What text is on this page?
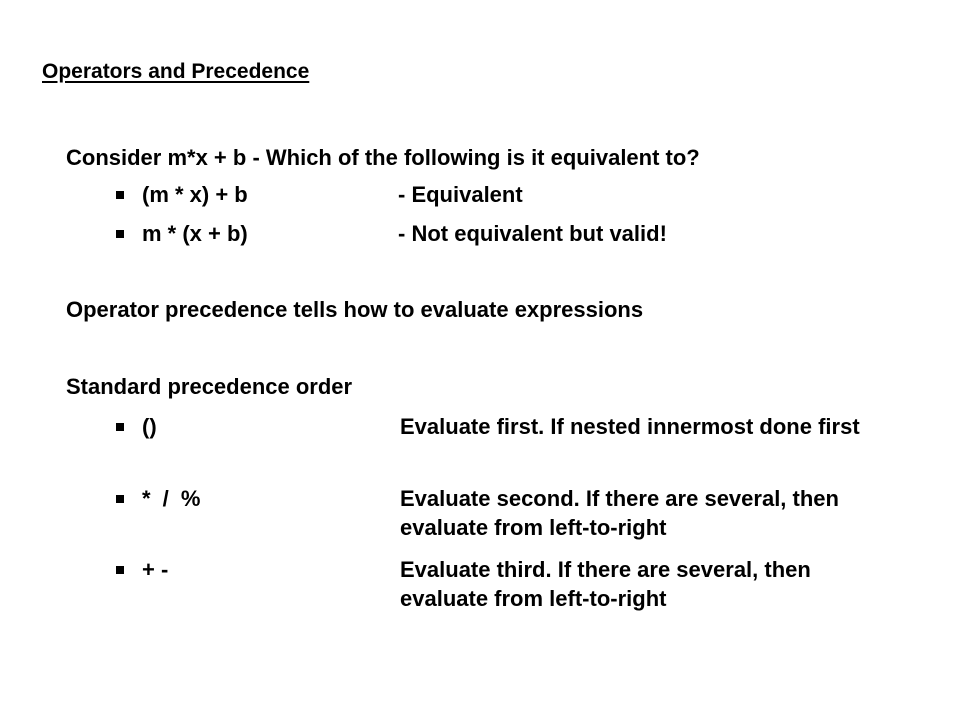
Operators and Precedence
Consider m*x + b - Which of the following is it equivalent to?
(m * x) + b	- Equivalent
m * (x + b)	- Not equivalent but valid!
Operator precedence tells how to evaluate expressions
Standard precedence order
()	Evaluate first. If nested innermost done first
* / %	Evaluate second. If there are several, then evaluate from left-to-right
+ -	Evaluate third. If there are several, then evaluate from left-to-right
